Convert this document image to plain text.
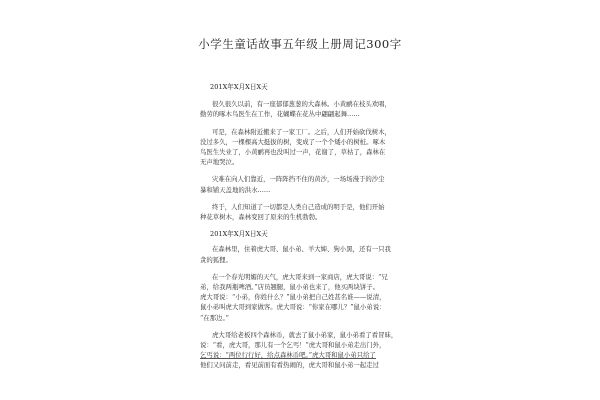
小学生童话故事五年级上册周记300字
201X年X月X日X天
很久很久以前，有一座郁郁葱葱的大森林。小黄鹂在枝头欢唱，
勤劳的啄木鸟医生在工作，花蝴蝶在花丛中翩翩起舞……
可是，在森林附近搬来了一家工厂。之后，人们开始砍伐树木，
没过多久，一棵棵高大挺拔的树，变成了一个个矮小的树桩。啄木
鸟医生失业了，小黄鹂再也没叫过一声，花谢了，草枯了，森林在
无声地哭泣。
灾难在向人们靠近，一阵阵挡不住的黄沙，一场场漫于的沙尘
暴和铺天盖地的洪水……
终于，人们知道了一切都是人类自己造成的明于是，他们开始
种花草树木，森林变回了原来的生机勃勃。
201X年X月X日X天
在森林里，住着虎大哥、鼠小弟、羊大婶、狗小黑，还有一只我
贪的狐狸。
在一个春光明媚的天气，虎大哥来到一家商店，虎大哥说：“兄
弟，给我两瓶啤酒。”店员翘腿，鼠小弟也来了，他买两块饼子。
虎大哥说：“小弟，你姓什么？”鼠小弟把自己姓甚名谁——说清，
鼠小弟叫虎大哥到家做客。虎大哥说：“你家在哪儿？”鼠小弟说：
“在那边。”
虎大哥给老板四个森林币，就去了鼠小弟家，鼠小弟看了看冒昧，
说：“看，虎大哥，那儿有一个乞丐！”虎大哥和鼠小弟走出门外，
乞丐说：“两位行行好，给点森林币吧。”虎大哥和鼠小弟只给了
他们又问前走，看见前面有看热闹的，虎大哥和鼠小弟一起走过
